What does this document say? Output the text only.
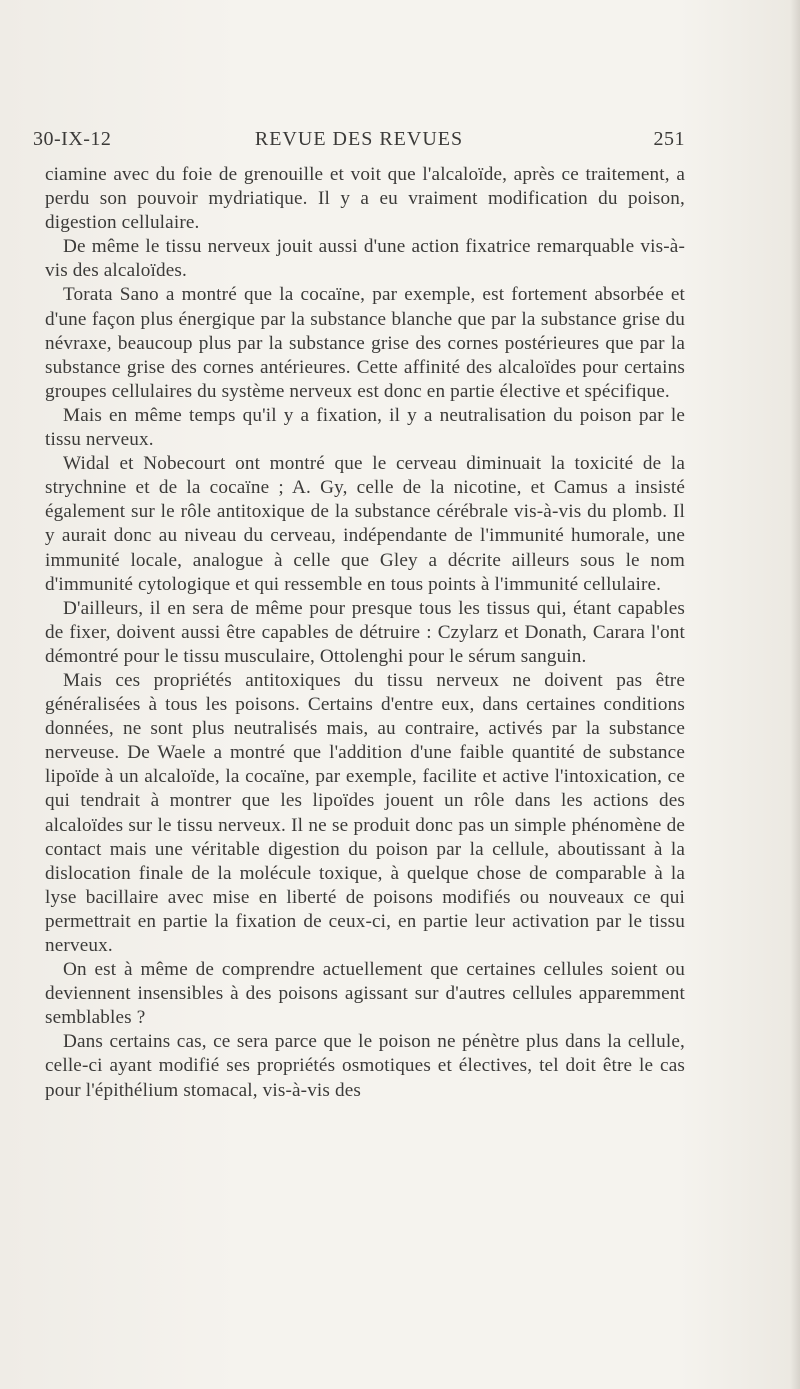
30-IX-12	REVUE DES REVUES	251

ciamine avec du foie de grenouille et voit que l'alcaloïde, après ce traitement, a perdu son pouvoir mydriatique. Il y a eu vraiment modification du poison, digestion cellulaire.

De même le tissu nerveux jouit aussi d'une action fixatrice remarquable vis-à-vis des alcaloïdes.

Torata Sano a montré que la cocaïne, par exemple, est fortement absorbée et d'une façon plus énergique par la substance blanche que par la substance grise du névraxe, beaucoup plus par la substance grise des cornes postérieures que par la substance grise des cornes antérieures. Cette affinité des alcaloïdes pour certains groupes cellulaires du système nerveux est donc en partie élective et spécifique.

Mais en même temps qu'il y a fixation, il y a neutralisation du poison par le tissu nerveux.

Widal et Nobecourt ont montré que le cerveau diminuait la toxicité de la strychnine et de la cocaïne ; A. Gy, celle de la nicotine, et Camus a insisté également sur le rôle antitoxique de la substance cérébrale vis-à-vis du plomb. Il y aurait donc au niveau du cerveau, indépendante de l'immunité humorale, une immunité locale, analogue à celle que Gley a décrite ailleurs sous le nom d'immunité cytologique et qui ressemble en tous points à l'immunité cellulaire.

D'ailleurs, il en sera de même pour presque tous les tissus qui, étant capables de fixer, doivent aussi être capables de détruire : Czylarz et Donath, Carara l'ont démontré pour le tissu musculaire, Ottolenghi pour le sérum sanguin.

Mais ces propriétés antitoxiques du tissu nerveux ne doivent pas être généralisées à tous les poisons. Certains d'entre eux, dans certaines conditions données, ne sont plus neutralisés mais, au contraire, activés par la substance nerveuse. De Waele a montré que l'addition d'une faible quantité de substance lipoïde à un alcaloïde, la cocaïne, par exemple, facilite et active l'intoxication, ce qui tendrait à montrer que les lipoïdes jouent un rôle dans les actions des alcaloïdes sur le tissu nerveux. Il ne se produit donc pas un simple phénomène de contact mais une véritable digestion du poison par la cellule, aboutissant à la dislocation finale de la molécule toxique, à quelque chose de comparable à la lyse bacillaire avec mise en liberté de poisons modifiés ou nouveaux ce qui permettrait en partie la fixation de ceux-ci, en partie leur activation par le tissu nerveux.

On est à même de comprendre actuellement que certaines cellules soient ou deviennent insensibles à des poisons agissant sur d'autres cellules apparemment semblables ?

Dans certains cas, ce sera parce que le poison ne pénètre plus dans la cellule, celle-ci ayant modifié ses propriétés osmotiques et électives, tel doit être le cas pour l'épithélium stomacal, vis-à-vis des
